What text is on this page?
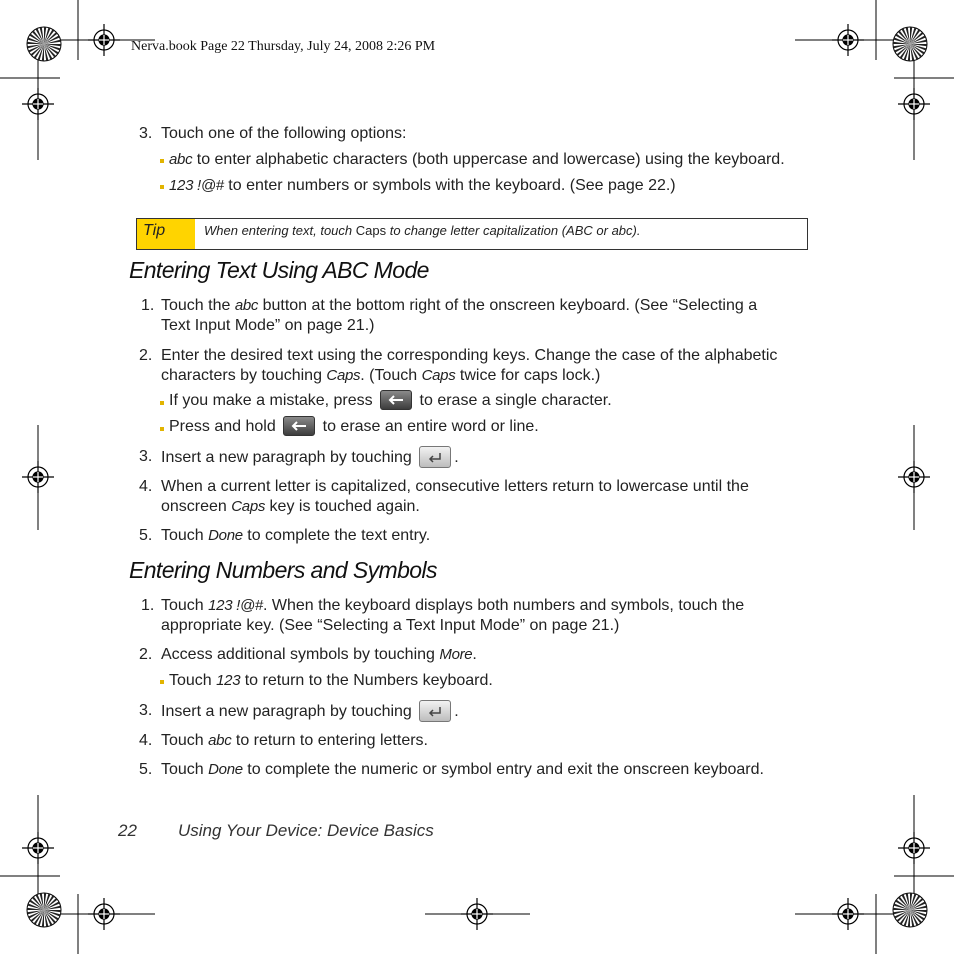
Nerva.book Page 22 Thursday, July 24, 2008 2:26 PM
3. Touch one of the following options:
abc to enter alphabetic characters (both uppercase and lowercase) using the keyboard.
123 !@# to enter numbers or symbols with the keyboard. (See page 22.)
Tip	When entering text, touch Caps to change letter capitalization (ABC or abc).
Entering Text Using ABC Mode
1. Touch the abc button at the bottom right of the onscreen keyboard. (See “Selecting a
Text Input Mode” on page 21.)
2. Enter the desired text using the corresponding keys. Change the case of the alphabetic
characters by touching Caps. (Touch Caps twice for caps lock.)
If you make a mistake, press
to erase a single character.
Press and hold
to erase an entire word or line.
3. Insert a new paragraph by touching
.
4. When a current letter is capitalized, consecutive letters return to lowercase until the
onscreen Caps key is touched again.
5. Touch Done to complete the text entry.
Entering Numbers and Symbols
1. Touch 123 !@#. When the keyboard displays both numbers and symbols, touch the
appropriate key. (See “Selecting a Text Input Mode” on page 21.)
2. Access additional symbols by touching More.
Touch 123 to return to the Numbers keyboard.
3. Insert a new paragraph by touching
.
4. Touch abc to return to entering letters.
5. Touch Done to complete the numeric or symbol entry and exit the onscreen keyboard.
22 Using Your Device: Device Basics
